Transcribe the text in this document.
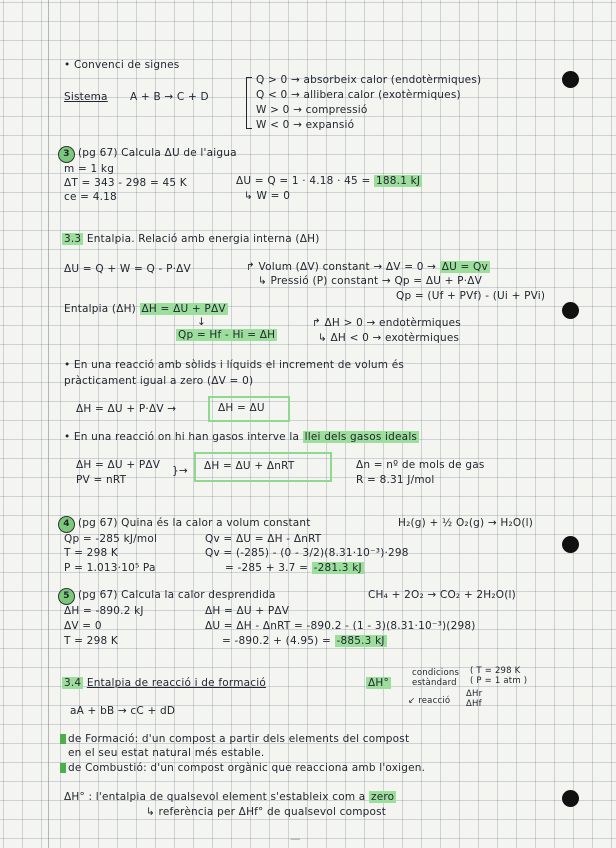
• Convenci de signes
Sistema A + B → C + D
Q > 0 → absorbeix calor (endotèrmiques)
Q < 0 → allibera calor (exotèrmiques)
W > 0 → compressió
W < 0 → expansió
3 (pg 67) Calcula ΔU de l'aigua
m = 1 kg
ΔT = 343 - 298 = 45 K
ce = 4.18
ΔU = Q = 1 · 4.18 · 45 = 188.1 kJ
↳ W = 0
3.3 Entalpia. Relació amb energia interna (ΔH)
ΔU = Q + W = Q - P·ΔV	↱ Volum (ΔV) constant → ΔV = 0 → ΔU = Qv
↳ Pressió (P) constant → Qp = ΔU + P·ΔV
Qp = (Uf + PVf) - (Ui + PVi)
Entalpia (ΔH) ΔH = ΔU + PΔV
↓
Qp = Hf - Hi = ΔH
↱ ΔH > 0 → endotèrmiques
↳ ΔH < 0 → exotèrmiques
• En una reacció amb sòlids i líquids el increment de volum és
pràcticament igual a zero (ΔV = 0)
ΔH = ΔU + P·ΔV →	ΔH = ΔU
• En una reacció on hi han gasos interve la llei dels gasos ideals
ΔH = ΔU + PΔV
PV = nRT
}→ ΔH = ΔU + ΔnRT	Δn = nº de mols de gas
R = 8.31 J/mol
4 (pg 67) Quina és la calor a volum constant	H₂(g) + ½ O₂(g) → H₂O(l)
Qp = -285 kJ/mol
T = 298 K
P = 1.013·10⁵ Pa
Qv = ΔU = ΔH - ΔnRT
Qv = (-285) - (0 - 3/2)(8.31·10⁻³)·298
= -285 + 3.7 = -281.3 kJ
5 (pg 67) Calcula la calor desprendida	CH₄ + 2O₂ → CO₂ + 2H₂O(l)
ΔH = -890.2 kJ
ΔV = 0
T = 298 K
ΔH = ΔU + PΔV
ΔU = ΔH - ΔnRT = -890.2 - (1 - 3)(8.31·10⁻³)(298)
= -890.2 + (4.95) = -885.3 kJ
3.4 Entalpia de reacció i de formació	ΔH°
condicions estàndard
( T = 298 K
( P = 1 atm )
↙ reacció
ΔHr
ΔHf
aA + bB → cC + dD
de Formació: d'un compost a partir dels elements del compost
en el seu estat natural més estable.
de Combustió: d'un compost orgànic que reacciona amb l'oxigen.
ΔH° : l'entalpia de qualsevol element s'estableix com a zero
↳ referència per ΔHf° de qualsevol compost
—
